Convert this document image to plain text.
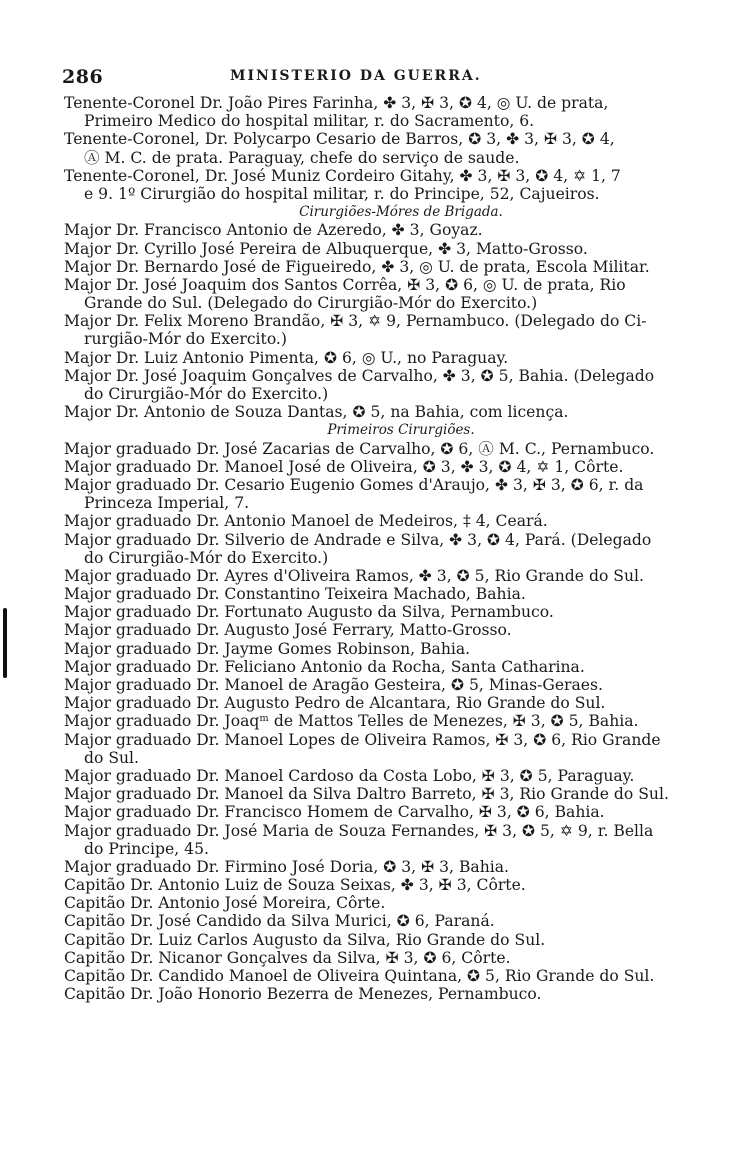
286	MINISTERIO DA GUERRA.
Tenente-Coronel Dr. João Pires Farinha, ✤ 3, ✠ 3, ✪ 4, ◎ U. de prata,
Primeiro Medico do hospital militar, r. do Sacramento, 6.
Tenente-Coronel, Dr. Polycarpo Cesario de Barros, ✪ 3, ✤ 3, ✠ 3, ✪ 4,
Ⓐ M. C. de prata. Paraguay, chefe do serviço de saude.
Tenente-Coronel, Dr. José Muniz Cordeiro Gitahy, ✤ 3, ✠ 3, ✪ 4, ✡ 1, 7
e 9. 1º Cirurgião do hospital militar, r. do Principe, 52, Cajueiros.
Cirurgiões-Móres de Brigada.
Major Dr. Francisco Antonio de Azeredo, ✤ 3, Goyaz.
Major Dr. Cyrillo José Pereira de Albuquerque, ✤ 3, Matto-Grosso.
Major Dr. Bernardo José de Figueiredo, ✤ 3, ◎ U. de prata, Escola Militar.
Major Dr. José Joaquim dos Santos Corrêa, ✠ 3, ✪ 6, ◎ U. de prata, Rio
Grande do Sul. (Delegado do Cirurgião-Mór do Exercito.)
Major Dr. Felix Moreno Brandão, ✠ 3, ✡ 9, Pernambuco. (Delegado do Ci-
rurgião-Mór do Exercito.)
Major Dr. Luiz Antonio Pimenta, ✪ 6, ◎ U., no Paraguay.
Major Dr. José Joaquim Gonçalves de Carvalho, ✤ 3, ✪ 5, Bahia. (Delegado
do Cirurgião-Mór do Exercito.)
Major Dr. Antonio de Souza Dantas, ✪ 5, na Bahia, com licença.
Primeiros Cirurgiões.
Major graduado Dr. José Zacarias de Carvalho, ✪ 6, Ⓐ M. C., Pernambuco.
Major graduado Dr. Manoel José de Oliveira, ✪ 3, ✤ 3, ✪ 4, ✡ 1, Côrte.
Major graduado Dr. Cesario Eugenio Gomes d'Araujo, ✤ 3, ✠ 3, ✪ 6, r. da
Princeza Imperial, 7.
Major graduado Dr. Antonio Manoel de Medeiros, ‡ 4, Ceará.
Major graduado Dr. Silverio de Andrade e Silva, ✤ 3, ✪ 4, Pará. (Delegado
do Cirurgião-Mór do Exercito.)
Major graduado Dr. Ayres d'Oliveira Ramos, ✤ 3, ✪ 5, Rio Grande do Sul.
Major graduado Dr. Constantino Teixeira Machado, Bahia.
Major graduado Dr. Fortunato Augusto da Silva, Pernambuco.
Major graduado Dr. Augusto José Ferrary, Matto-Grosso.
Major graduado Dr. Jayme Gomes Robinson, Bahia.
Major graduado Dr. Feliciano Antonio da Rocha, Santa Catharina.
Major graduado Dr. Manoel de Aragão Gesteira, ✪ 5, Minas-Geraes.
Major graduado Dr. Augusto Pedro de Alcantara, Rio Grande do Sul.
Major graduado Dr. Joaqᵐ de Mattos Telles de Menezes, ✠ 3, ✪ 5, Bahia.
Major graduado Dr. Manoel Lopes de Oliveira Ramos, ✠ 3, ✪ 6, Rio Grande
do Sul.
Major graduado Dr. Manoel Cardoso da Costa Lobo, ✠ 3, ✪ 5, Paraguay.
Major graduado Dr. Manoel da Silva Daltro Barreto, ✠ 3, Rio Grande do Sul.
Major graduado Dr. Francisco Homem de Carvalho, ✠ 3, ✪ 6, Bahia.
Major graduado Dr. José Maria de Souza Fernandes, ✠ 3, ✪ 5, ✡ 9, r. Bella
do Principe, 45.
Major graduado Dr. Firmino José Doria, ✪ 3, ✠ 3, Bahia.
Capitão Dr. Antonio Luiz de Souza Seixas, ✤ 3, ✠ 3, Côrte.
Capitão Dr. Antonio José Moreira, Côrte.
Capitão Dr. José Candido da Silva Murici, ✪ 6, Paraná.
Capitão Dr. Luiz Carlos Augusto da Silva, Rio Grande do Sul.
Capitão Dr. Nicanor Gonçalves da Silva, ✠ 3, ✪ 6, Côrte.
Capitão Dr. Candido Manoel de Oliveira Quintana, ✪ 5, Rio Grande do Sul.
Capitão Dr. João Honorio Bezerra de Menezes, Pernambuco.
